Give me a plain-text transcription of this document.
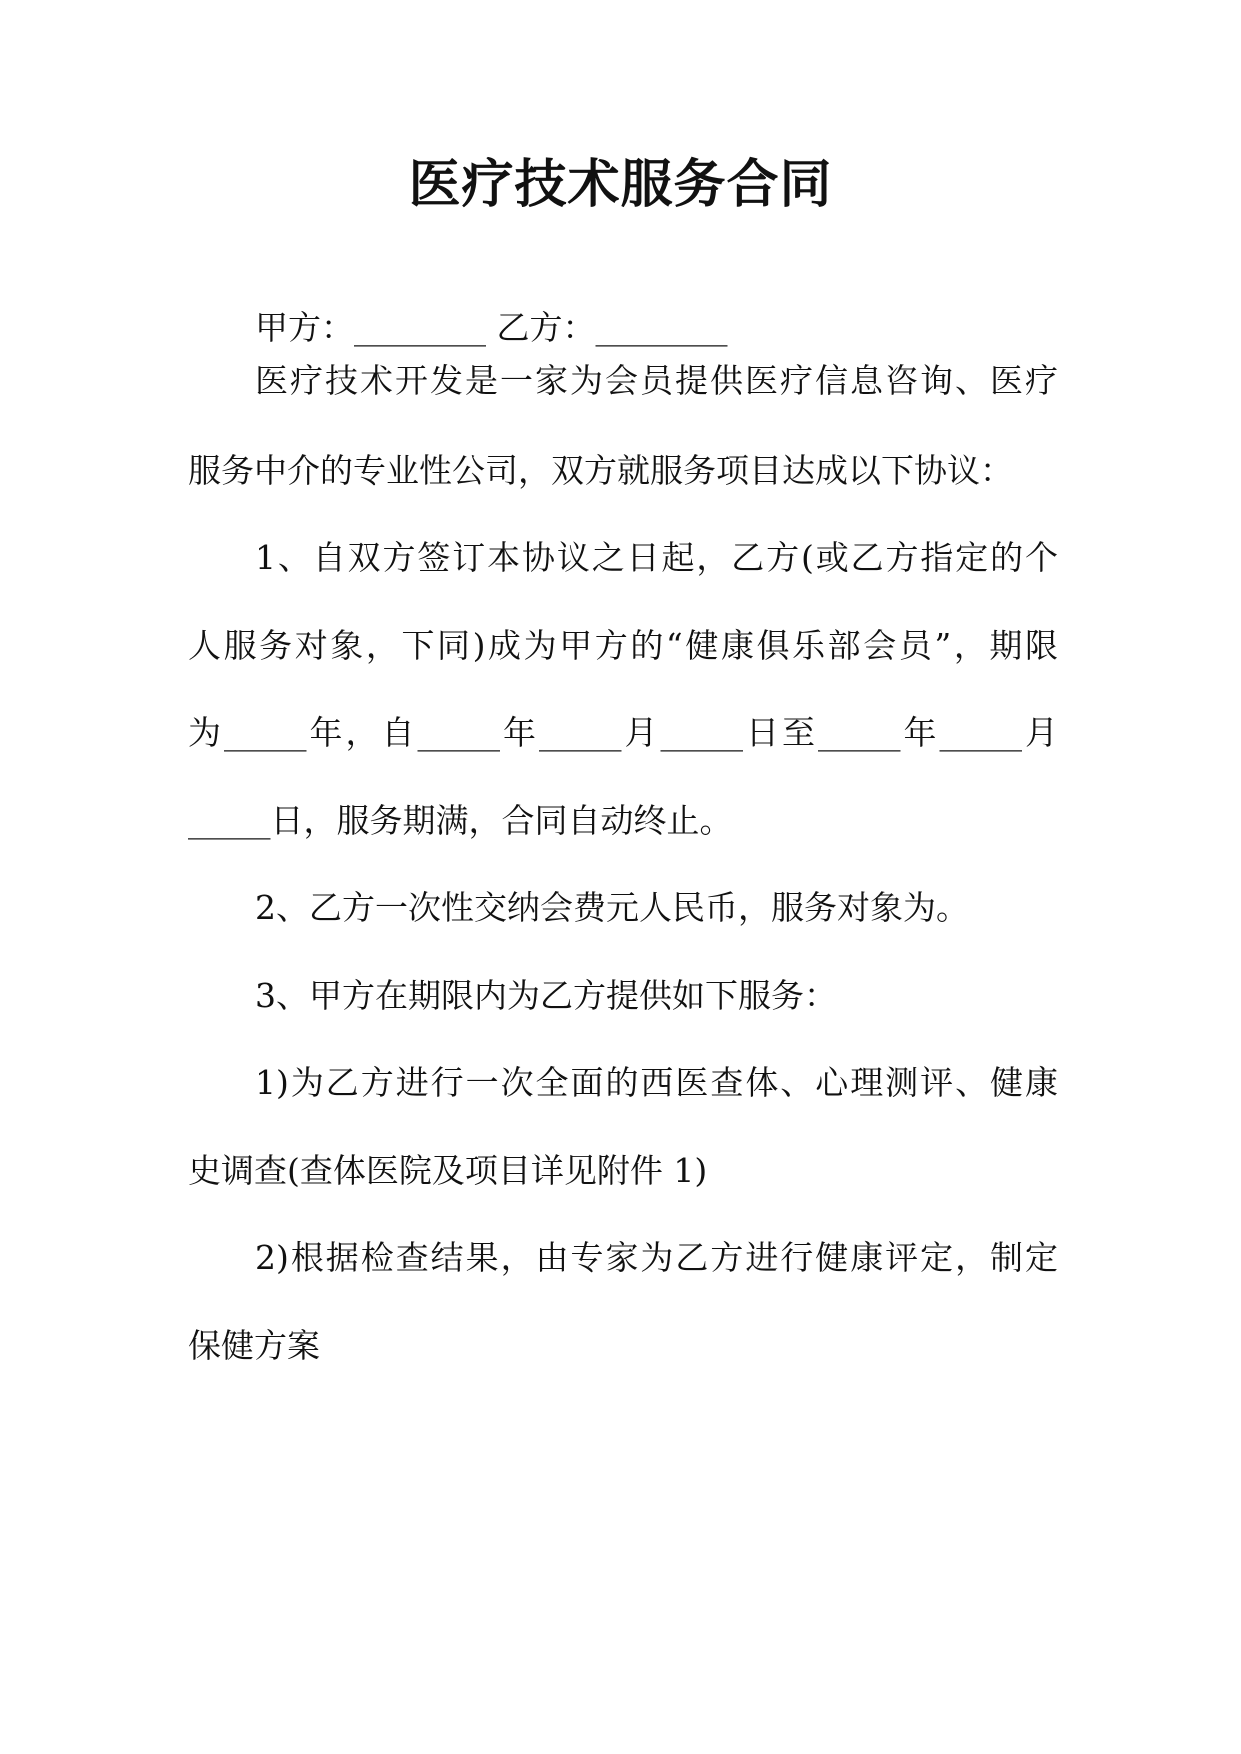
医疗技术服务合同
甲方：________ 乙方：________
医疗技术开发是一家为会员提供医疗信息咨询、医疗
服务中介的专业性公司，双方就服务项目达成以下协议：
1、自双方签订本协议之日起，乙方(或乙方指定的个
人服务对象，下同)成为甲方的“健康俱乐部会员”，期限
为_____年，自_____年_____月_____日至_____年_____月
_____日，服务期满，合同自动终止。
2、乙方一次性交纳会费元人民币，服务对象为。
3、甲方在期限内为乙方提供如下服务：
1)为乙方进行一次全面的西医查体、心理测评、健康
史调查(查体医院及项目详见附件 1)
2)根据检查结果，由专家为乙方进行健康评定，制定
保健方案
